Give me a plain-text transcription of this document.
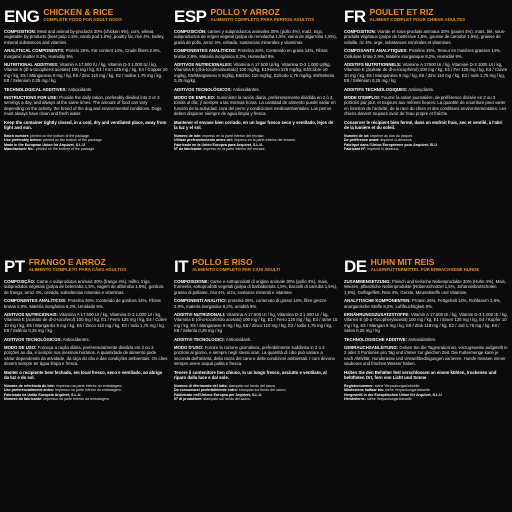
ENG CHICKEN & RICE
COMPLETE FOOD FOR ADULT DOGS

COMPOSITION: Meat and animal by-products 30% (chicken 4%), corn, wheat, vegetable by-products (beet pulp 1.5%, carob pod 1.5%), poultry fat, rice 4%, barley, mineral substances and vitamins.

ANALYTICAL COMPONENTS: Protein 26%, Fat content 14%, Crude fibers 2.9%, Inorganic matter 8.2%, Humidity 9%.

NUTRITIONAL ADDITIVES: Vitamin A 17,500 IU / kg, Vitamin D-3 1,000 IU / kg, Vitamin E (dl-a-tocopherol acetate) 100 mg / kg, E1 / Iron 125 mg / kg, E4 / Copper 10 mg / kg, E5 / Manganese 9 mg / kg, E6 / Zinc 110 mg / kg, E2 / Iodine 1.75 mg / kg, E8 / Selenium 0.25 mg / kg

TECHNOLOGICAL ADDITIVES: Antioxidants.

INSTRUCTIONS FOR USE: Provide the daily ration, preferably divided into 2 or 3 servings a day, and always at the same times. The amount of food can vary depending on the activity, the breed of the dog and environmental conditions. Dogs must always have clean and fresh water.

Keep the container tightly closed, in a cool, dry and ventilated place, away from light and sun.

Batch number: printed on the bottom of the package.

Use preferably before: printed on the bottom of the package.

Made in the European Union for Arquivet, S.L.U

Manufacturer No.: printed on the bottom of the package.

ESP POLLO Y ARROZ
ALIMENTO COMPLETO PARA PERROS ADULTOS

COMPOSICIÓN: carnes y subproductos animales 30% (pollo 4%), maíz, trigo, subproductos de origen vegetal (pulpa de remolacha 1,5%, vaina de algarroba 1,5%), grasa de pollo, arroz 4%, cebada, sustancias minerales y vitaminas.

COMPONENTES ANALÍTICOS: Proteína 26%, Contenido en grasa 14%, Fibras brutas 2,9%, Materia inorgánica 8,2%, Humedad 9%.

ADITIVOS NUTRICIONALES: Vitamina A 17.500 UI/kg, Vitamina D-3 1.000 UI/kg, Vitamina E (dl-a-tocoferolacetato) 100 mg/kg, E1/Hierro 125 mg/kg, E4/Cobre 10 mg/kg, E5/Manganeso 9 mg/kg, E6/Zinc 110 mg/kg, E2/Iodo 1,75 mg/kg, E8/Selenio 0,25 mg/kg.

ADITIVOS TECNOLÓGICOS: Antioxidantes.

MODO DE EMPLEO: Suministre la ración diaria, preferentemente dividida en 2 ó 3 tomas al día, y siempre a las mismas horas. La cantidad de alimento puede variar en función de la actividad, raza del perro y condiciones medioambientales. Los perros deben disponer siempre de agua limpia y fresca.

Mantener el envase bien cerrado, en un lugar fresco seco y ventilado, lejos de la luz y el sol.

Número de lote: impreso en la parte inferior del envase.

Utilizar preferentemente antes del: impreso en la parte inferior del envase.

Fabricado en la Unión Europea para Arquivet, S.L.U.

Nº de fabricante: impreso en la parte inferior del envase.

FR POULET ET RIZ
ALIMENT COMPLET POUR CHIENS ADULTES

COMPOSITION: Viande et sous-produits animaux 30% (poulet 4%), maïs, blé, sous-produits végétaux (pulpe de betterave 1,5%, gousse de caroube 1,5%), graisse de volaille, riz 4%, orge, substances minérales et vitamines.

COMPOSANTS ANALYTIQUES: Protéine 26%, Teneur en matières grasses 14%, Cellulose brute 2,9%, Matière inorganique 8,2%, Humidité 9%.

ADDITIFS NUTRITIONNELS: Vitamine A 17500 UI / kg, Vitamine D-3 1000 UI / kg, Vitamine E (acétate de dl-a-tocophérol) 100 mg / kg, E1 / Fer 125 mg / kg, E4 / Cuivre 10 mg / kg, E5 / Manganèse 9 mg / kg, E6 / Zinc 110 mg / kg, E2 / Iode 1,75 mg / kg, E8 / Sélénium 0,25 mg / kg

ADDITIFS TECHNOLOGIQUES: Antioxydants.

MODE D'EMPLOI: Fournir la ration journalière, de préférence divisée en 2 ou 3 portions par jour, et toujours aux mêmes heures. La quantité de nourriture peut varier en fonction de l'activité, de la race du chien et des conditions environnementales. Les chiens doivent toujours avoir de l'eau propre et fraîche.

Conserver le récipient bien fermé, dans un endroit frais, sec et ventilé, à l'abri de la lumière et du soleil.

Numéro de lot: imprimé au dos du paquet.

De préférence avant: imprimé ci-dessous.

Fabriqué dans l'Union Européenne pour Arquivet, SLU

Fabricant Nº: imprimé ci-dessous.

PT FRANGO E ARROZ
ALIMENTO COMPLETO PARA CÃES ADULTOS

COMPOSIÇÃO: Carne e subprodutos animais 30% (frango 4%), milho, trigo, subprodutos vegetais (polpa de beterraba 1,5%, vagem de alfarroba 1,5%), gordura de frango, arroz 4%, cevada, substâncias minerais e vitaminas.

COMPONENTES ANALÍTICOS: Proteína 26%, Conteúdo de gordura 14%, Fibras brutas 2,9%, Matéria inorgânica 8,2%, Umidade 9%.

ADITIVOS NUTRICIONAIS: Vitamina A 17.500 UI / kg, Vitamina D-3 1.000 UI / kg, Vitamina E (acetato de dl-α-tocoferol) 100 mg / kg, E1 / Ferro 125 mg / kg, E4 / Cobre 10 mg / kg, E5 / Manganês 9 mg / kg, E6 / Zinco 110 mg / kg, E2 / Iodo 1,75 mg / kg, E8 / Selênio 0,25 mg / kg

ADITIVOS TECNOLÓGICOS: Antioxidantes.

MODO DE USO: Forneça a ração diária, preferencialmente dividida em 2 ou 3 porções ao dia, e sempre nos mesmos horários. A quantidade de alimento pode variar dependendo da atividade, da raça do cão e das condições ambientais. Os cães devem sempre ter água limpa e fresca.

Manter o recipiente bem fechado, em local fresco, seco e ventilado, ao abrigo da luz e do sol.

Número de referência do lote: impresso na parte inferior do embalagem.

Use preferencialmente antes: impresso na parte inferior do embalagem.

Fabricado na União Europeia Arquivet, S.L.U.

Número do fabricante: impresso na parte inferior do embalagem.

IT POLLO E RISO
ALIMENTO COMPLETO PER CANI ADULTI

COMPOSIZIONE: Carne e sottoprodotti di origine animale 30% (pollo 4%), mais, frumento, sottoprodotti vegetali (polpa di barbabietola 1,5%, baccelli di carruba 1,5%), grasso di pollame, riso 4%, orzo, sostanze minerali e vitamine.

COMPONENTI ANALITICI: proteina 26%, contenuto di grassi 14%, fibre grezze 2,9%, materia inorganica 8,2%, umidità 9%.

ADDITIVI NUTRIZIONALI: Vitamina A 17.500 UI / kg, Vitamina D-3 1.000 UI / kg, Vitamina E (dl-α-tocoferolo acetato) 100 mg / kg, E1 / Ferro 125 mg / kg, E4 / rame 10 mg / kg, E5 / Manganese 9 mg / kg, E6 / Zinco 110 mg / kg, E2 / Iodio 1,75 mg / kg, E8 / Selenio 0,25 mg / kg

ADDITIVI TECNOLOGICI: Antiossidanti.

MODO D'USO: Fornire la razione giornaliera, preferibilmente suddivisa in 2 o 3 porzioni al giorno, e sempre negli stessi orari. La quantità di cibo può variare a seconda dell'attività, della razza del cane e delle condizioni ambientali. I cani devono sempre avere acqua pulita e fresca.

Tenere il contenitore ben chiuso, in un luogo fresco, asciutto e ventilato, al riparo dalla luce e dal sole.

Numero di riferimento del lotto: stampato sul fondo del sacco.

Da consumarsi preferibilmente entro: stampato sul fondo del sacco.

Fabbricato nell'Unione Europea per Arquivet, S.L.U.

Nº di produttore: stampato sul fondo del sacco.

DE HUHN MIT REIS
ALLEINFUTTERMITTEL FÜR ERWACHSENE HUNDE

ZUSAMMENSETZUNG: Fleisch und tierische Nebenprodukte 30% (Huhn 4%), Mais, Weizen, pflanzliche Nebenprodukte (Rübenschnitzel 1,5%, Johannisbrotschoten 1,5%), Geflügelfett, Reis 4%, Gerste, Mineralstoffe und Vitamine.

ANALYTISCHE KOMPONENTEN: Protein 26%, Fettgehalt 14%, Rohfasern 2,9%, anorganische Stoffe 8,2%, Luftfeuchtigkeit 9%.

ERNÄHRUNGSZUSATZSTOFFE: Vitamin A 17.500 IE / kg, Vitamin D-3 1.000 IE / kg, Vitamin E (dl-α-Tocopherylacetat) 100 mg / kg, E1 / Eisen 125 mg / kg, E4 / Kupfer 10 mg / kg, E5 / Mangan 9 mg / kg, E6 / Zink 110 mg / kg, E2 / Jod 1,75 mg / kg, E8 / Selen 0,25 mg / kg

TECHNOLOGISCHE ADDITIVE: Antioxidantien.

GEBRAUCHSANLEITUNG: Geben Sie die Tagesration an, vorzugsweise aufgeteilt in 2 oder 3 Portionen pro Tag und immer zur gleichen Zeit. Die Futtermenge kann je nach Aktivität, Hunderasse und Umweltbedingungen variieren. Hunde müssen immer sauberes und frisches Wasser haben.

Halten Sie den Behälter fest verschlossen an einem kühlen, trockenen und belüfteten Ort, fern von Licht und Sonne

Registernummer: siehe Verpackungsrückseite

Mindestens haltbar bis: siehe Verpackungsrückseite

Hergestellt in der Europäischen Union für Arquivet, S.L.U

Herstellernr.: siehe Verpackungsrückseite
